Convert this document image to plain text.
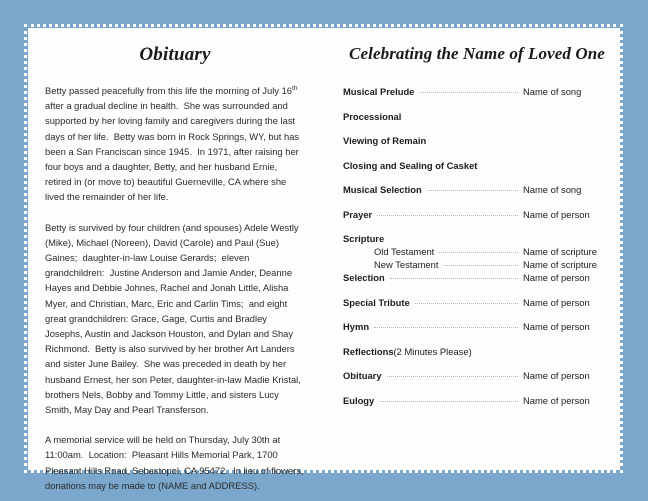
Obituary
Betty passed peacefully from this life the morning of July 16th after a gradual decline in health.  She was surrounded and supported by her loving family and caregivers during the last days of her life.  Betty was born in Rock Springs, WY, but has been a San Franciscan since 1945.  In 1971, after raising her four boys and a daughter, Betty, and her husband Ernie, retired in (or move to) beautiful Guerneville, CA where she lived the remainder of her life.
Betty is survived by four children (and spouses) Adele Westly (Mike), Michael (Noreen), David (Carole) and Paul (Sue) Gaines;  daughter-in-law Louise Gerards;  eleven grandchildren:  Justine Anderson and Jamie Ander, Deanne Hayes and Debbie Johnes, Rachel and Jonah Little, Alisha Myer, and Christian, Marc, Eric and Carlin Tims;  and eight great grandchildren: Grace, Gage, Curtis and Bradley Josephs, Austin and Jackson Houston, and Dylan and Shay Richmond.  Betty is also survived by her brother Art Landers and sister June Bailey.  She was preceded in death by her husband Ernest, her son Peter, daughter-in-law Madie Kristal, brothers Nels, Bobby and Tommy Little, and sisters Lucy Smith, May Day and Pearl Transferson.
A memorial service will be held on Thursday, July 30th at 11:00am.  Location:  Pleasant Hills Memorial Park, 1700 Pleasant Hills Road, Sebastopol, CA 95472.  In lieu of flowers, donations may be made to (NAME and ADDRESS).
Celebrating the Name of Loved One
Musical Prelude	Name of song
Processional
Viewing of Remain
Closing and Sealing of Casket
Musical Selection	Name of song
Prayer	Name of person
Scripture
Old Testament	Name of scripture
New Testament	Name of scripture
Selection	Name of person
Special Tribute	Name of person
Hymn	Name of person
Reflections (2 Minutes Please)
Obituary	Name of person
Eulogy	Name of person
